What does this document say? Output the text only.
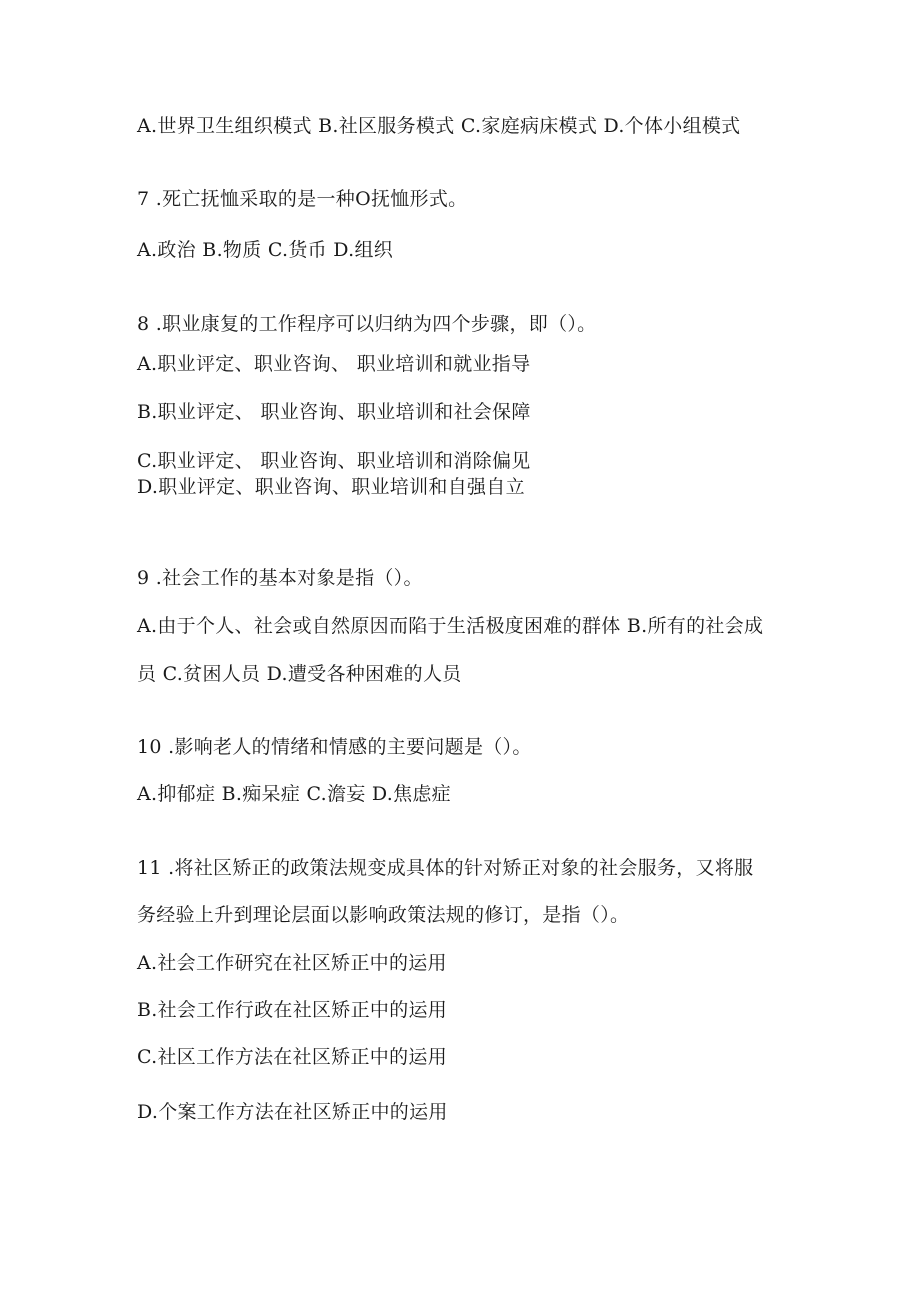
A.世界卫生组织模式 B.社区服务模式 C.家庭病床模式 D.个体小组模式
7 .死亡抚恤采取的是一种O抚恤形式。
A.政治 B.物质 C.货币 D.组织
8 .职业康复的工作程序可以归纳为四个步骤，即（）。
A.职业评定、职业咨询、 职业培训和就业指导
B.职业评定、 职业咨询、职业培训和社会保障
C.职业评定、 职业咨询、职业培训和消除偏见
D.职业评定、职业咨询、职业培训和自强自立
9 .社会工作的基本对象是指（）。
A.由于个人、社会或自然原因而陷于生活极度困难的群体 B.所有的社会成
员 C.贫困人员 D.遭受各种困难的人员
10 .影响老人的情绪和情感的主要问题是（）。
A.抑郁症 B.痴呆症 C.澹妄 D.焦虑症
11 .将社区矫正的政策法规变成具体的针对矫正对象的社会服务，又将服
务经验上升到理论层面以影响政策法规的修订，是指（）。
A.社会工作研究在社区矫正中的运用
B.社会工作行政在社区矫正中的运用
C.社区工作方法在社区矫正中的运用
D.个案工作方法在社区矫正中的运用
